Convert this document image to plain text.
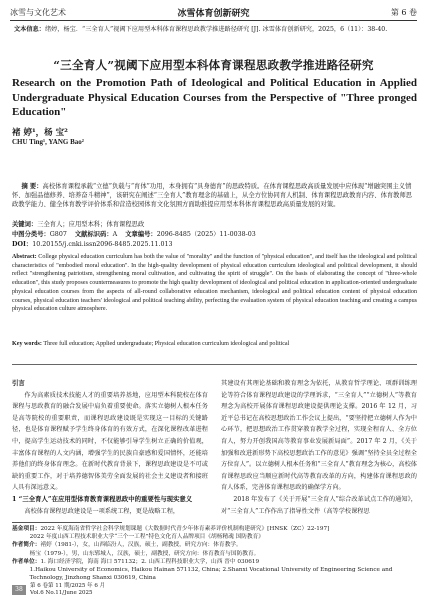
冰雪与文化艺术	冰雪体育创新研究	第 6 卷
文本信息：绪婷，杨宝．“三全育人”视阈下应用型本科体育课程思政教学推进路径研究 [J]. 冰雪体育创新研究，2025，6（11）：38-40.
“三全育人”视阈下应用型本科体育课程思政教学推进路径研究
Research on the Promotion Path of Ideological and Political Education in Applied Undergraduate Physical Education Courses from the Perspective of "Three pronged Education"
褚 婷¹，杨 宝²
CHU Ting¹, YANG Bao²
摘 要：高校体育课程承载“立德”负载与“育体”功用，本身拥有“具身德育”的思政特质。在体育课程思政高质量发展中应体现“增融突围主义情怀、加强品德修养、培养奋斗精神”，该研究在阐述“三全育人”教育理念的基础上，从全方位协同育人机制、体育课程思政教育内容、体育教师思政教学能力、健全体育教学评价体系和营造校园体育文化氛围方面助推提应用型本科体育课程思政高质量发展的对策。
关键词：三全育人；应用型本科；体育课程思政
中图分类号：G807 文献标识码：A 文章编号：2096-8485（2025）11-0038-03
DOI：10.20155/j.cnki.issn2096-8485.2025.11.013
Abstract: College physical education curriculum has both the value of "morality" and the function of "physical education", and itself has the ideological and political characteristics of "embodied moral education". In the high-quality development of physical education curriculum ideological and political development, it should reflect "strengthening patriotism, strengthening moral cultivation, and cultivating the spirit of struggle". On the basis of elaborating the concept of "three-whole education", this study proposes countermeasures to promote the high quality development of ideological and political education in application-oriented undergraduate physical education courses from the aspects of all-round collaborative education mechanism, ideological and political education content of physical education courses, physical education teachers' ideological and political teaching ability, perfecting the evaluation system of physical education teaching and creating a campus physical education culture atmosphere.
Key words: Three full education; Applied undergraduate; Physical education curriculum ideological and political
引言

作为高素质技术技能人才的重要培养基地，应用型本科院校在体育课程与思政教育的融合发展中肩负着重要使命。落实立德树人根本任务是高等院校的重要职责，而课程思政建设既是实现这一目标的关键路径，也是体育课程赋予学生终身体育的有效方式，在深化课程改革进程中，提高学生运动技术的同时，不仅能够引导学生树立正确的价值观，丰富体育课程的人文内涵，增强学生的民族自豪感和爱国情怀，还能培养他们的终身体育理念。在新时代教育背景下，课程思政建设是不可或缺的重要工作，对于培养德智体美劳全面发展的社会主义建设者和接班人具有深远意义。

1 “三全育人”在应用型体育教育课程思政中的重要性与现实意义

高校体育课程思政建设是一项系统工程，更是战略工程，

其建设有其理论基础和教育理念为依托，从教育哲学理论、项群训练理论等符合体育课程思政建设的学理诉求，“三全育人”“立德树人”等教育理念为高校开展体育课程思政建设提供理论支撑。2016 年 12 月，习近平总书记在高校思想政治工作会议上提出，“要坚持把立德树人作为中心环节，把思想政治工作贯穿教育教学全过程，实现全程育人、全方位育人，努力开创我国高等教育事业发展新局面”。2017 年 2 月，《关于加强和改进新形势下高校思想政治工作的意见》强调“坚持全员全过程全方位育人”。以立德树人根本任务和“三全育人”教育理念为核心，高校体育课程思政应当顺应新时代高等教育改革的方向，构建体育课程思政的育人体系，完善体育课程思政的确保学方向。

2018 年发布了《关于开展“三全育人”综合改革试点工作的通知》，对“三全育人”工作作出了指导性文件（高等学校课程思

基金项目：2022 年度海南省哲学社会科学规划课题《大数据时代青少年体育素养评价机制构建研究》[HNSK（ZC）22-197]
2022 年度山西工程技术职业大学“三个一工程”特色文化育人品牌项目《胡杨精魂 国防教育》
作者简介：褚婷（1981-），女，山西临汾人，汉族，硕士，副教授，研究方向：体育教学。
杨宝（1979-），男，山东郓城人，汉族，硕士，副教授，研究方向：体育教育与国防教育。
作者单位：1. 海口经济学院，海南 海口 571132；2. 山西工程科技职业大学，山西 晋中 030619
1.Haikou University of Economics, Haikou Hainan 571132, China; 2.Shanxi Vocational University of Engineering Science and Technology, Jinzhong Shanxi 030619, China
38	第 6 卷第 11 期/2025 年 6 月
Vol.6 No.11/June 2025
